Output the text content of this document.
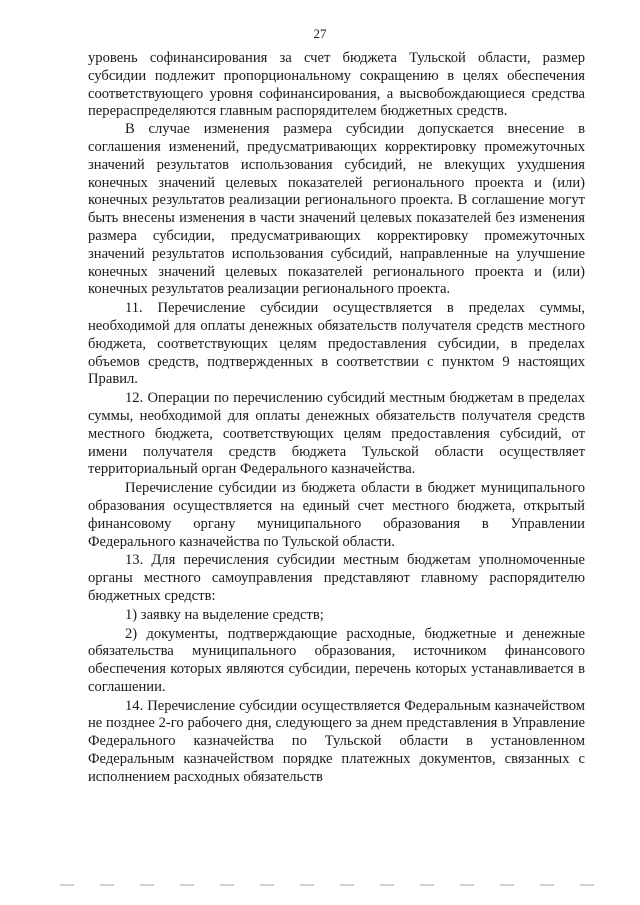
27

уровень софинансирования за счет бюджета Тульской области, размер субсидии подлежит пропорциональному сокращению в целях обеспечения соответствующего уровня софинансирования, а высвобождающиеся средства перераспределяются главным распорядителем бюджетных средств.

В случае изменения размера субсидии допускается внесение в соглашения изменений, предусматривающих корректировку промежуточных значений результатов использования субсидий, не влекущих ухудшения конечных значений целевых показателей регионального проекта и (или) конечных результатов реализации регионального проекта. В соглашение могут быть внесены изменения в части значений целевых показателей без изменения размера субсидии, предусматривающих корректировку промежуточных значений результатов использования субсидий, направленные на улучшение конечных значений целевых показателей регионального проекта и (или) конечных результатов реализации регионального проекта.

11. Перечисление субсидии осуществляется в пределах суммы, необходимой для оплаты денежных обязательств получателя средств местного бюджета, соответствующих целям предоставления субсидии, в пределах объемов средств, подтвержденных в соответствии с пунктом 9 настоящих Правил.

12. Операции по перечислению субсидий местным бюджетам в пределах суммы, необходимой для оплаты денежных обязательств получателя средств местного бюджета, соответствующих целям предоставления субсидий, от имени получателя средств бюджета Тульской области осуществляет территориальный орган Федерального казначейства.

Перечисление субсидии из бюджета области в бюджет муниципального образования осуществляется на единый счет местного бюджета, открытый финансовому органу муниципального образования в Управлении Федерального казначейства по Тульской области.

13. Для перечисления субсидии местным бюджетам уполномоченные органы местного самоуправления представляют главному распорядителю бюджетных средств:

1) заявку на выделение средств;

2) документы, подтверждающие расходные, бюджетные и денежные обязательства муниципального образования, источником финансового обеспечения которых являются субсидии, перечень которых устанавливается в соглашении.

14. Перечисление субсидии осуществляется Федеральным казначейством не позднее 2-го рабочего дня, следующего за днем представления в Управление Федерального казначейства по Тульской области в установленном Федеральным казначейством порядке платежных документов, связанных с исполнением расходных обязательств
